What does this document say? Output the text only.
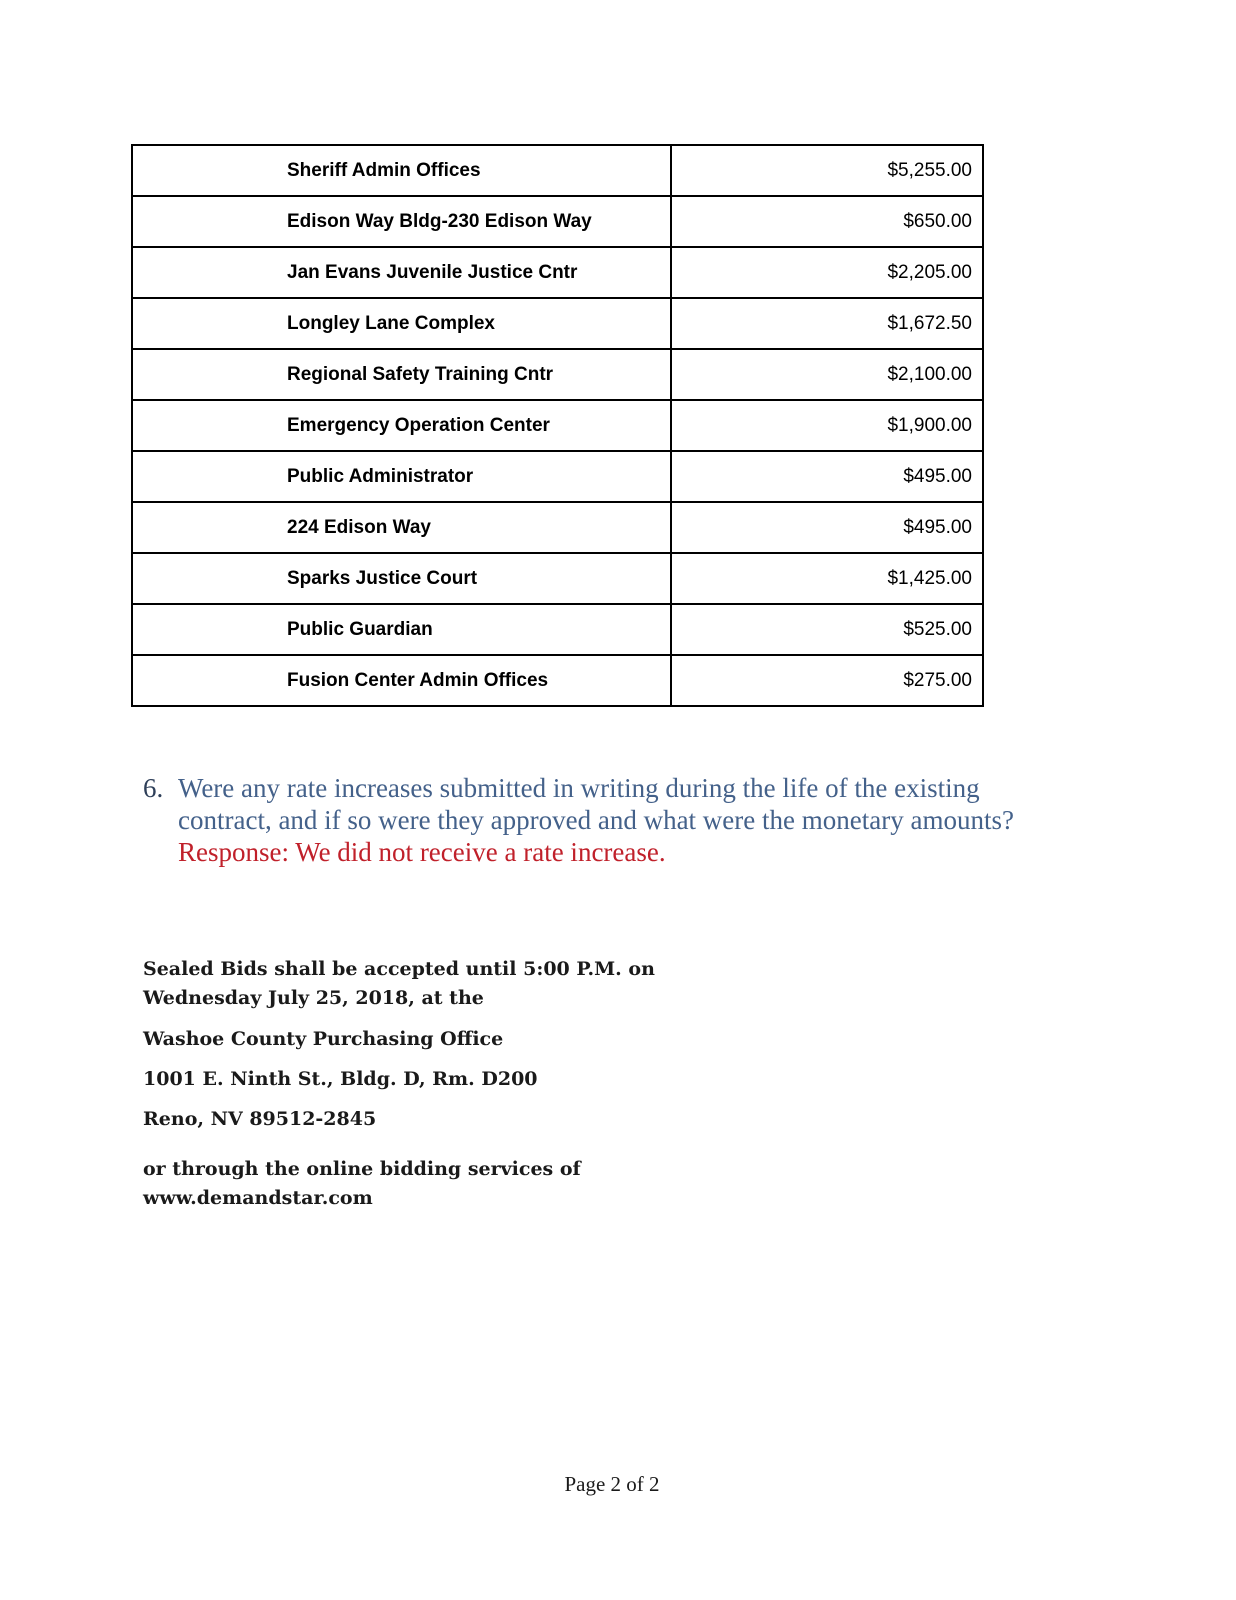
Sheriff Admin Offices	$5,255.00
Edison Way Bldg-230 Edison Way	$650.00
Jan Evans Juvenile Justice Cntr	$2,205.00
Longley Lane Complex	$1,672.50
Regional Safety Training Cntr	$2,100.00
Emergency Operation Center	$1,900.00
Public Administrator	$495.00
224 Edison Way	$495.00
Sparks Justice Court	$1,425.00
Public Guardian	$525.00
Fusion Center Admin Offices	$275.00
6. Were any rate increases submitted in writing during the life of the existing contract, and if so were they approved and what were the monetary amounts?
Response: We did not receive a rate increase.
Sealed Bids shall be accepted until 5:00 P.M. on
Wednesday July 25, 2018, at the
Washoe County Purchasing Office
1001 E. Ninth St., Bldg. D, Rm. D200
Reno, NV 89512-2845
or through the online bidding services of
www.demandstar.com
Page 2 of 2
